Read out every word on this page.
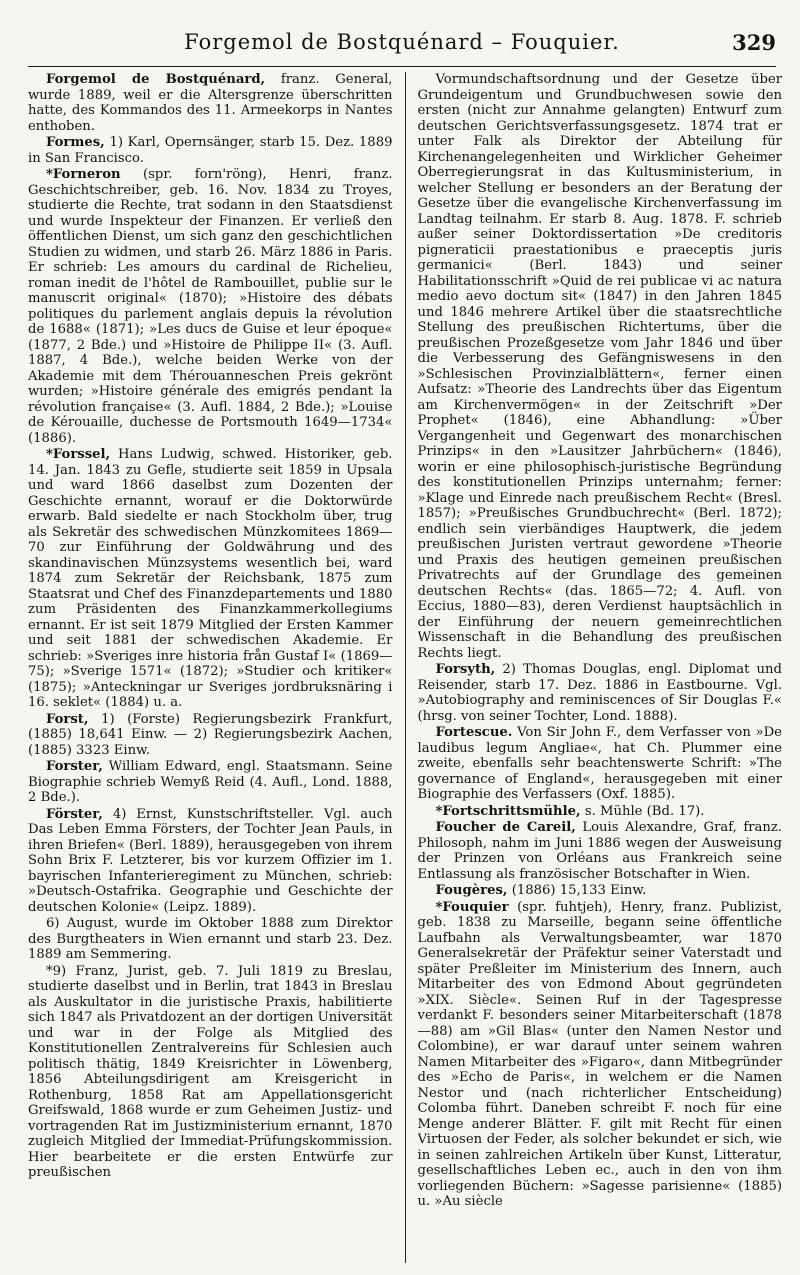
Forgemol de Bostquénard – Fouquier.	329

Forgemol de Bostquénard, franz. General, wurde 1889, weil er die Altersgrenze überschritten hatte, des Kommandos des 11. Armeekorps in Nantes enthoben.

Formes, 1) Karl, Opernsänger, starb 15. Dez. 1889 in San Francisco.

*Forneron (spr. forn'röng), Henri, franz. Geschichtschreiber, geb. 16. Nov. 1834 zu Troyes, studierte die Rechte, trat sodann in den Staatsdienst und wurde Inspekteur der Finanzen. Er verließ den öffentlichen Dienst, um sich ganz den geschichtlichen Studien zu widmen, und starb 26. März 1886 in Paris. Er schrieb: Les amours du cardinal de Richelieu, roman inedit de l'hôtel de Rambouillet, publie sur le manuscrit original« (1870); »Histoire des débats politiques du parlement anglais depuis la révolution de 1688« (1871); »Les ducs de Guise et leur époque« (1877, 2 Bde.) und »Histoire de Philippe II« (3. Aufl. 1887, 4 Bde.), welche beiden Werke von der Akademie mit dem Thérouanneschen Preis gekrönt wurden; »Histoire générale des emigrés pendant la révolution française« (3. Aufl. 1884, 2 Bde.); »Louise de Kérouaille, duchesse de Portsmouth 1649—1734« (1886).

*Forssel, Hans Ludwig, schwed. Historiker, geb. 14. Jan. 1843 zu Gefle, studierte seit 1859 in Upsala und ward 1866 daselbst zum Dozenten der Geschichte ernannt, worauf er die Doktorwürde erwarb. Bald siedelte er nach Stockholm über, trug als Sekretär des schwedischen Münzkomitees 1869—70 zur Einführung der Goldwährung und des skandinavischen Münzsystems wesentlich bei, ward 1874 zum Sekretär der Reichsbank, 1875 zum Staatsrat und Chef des Finanzdepartements und 1880 zum Präsidenten des Finanzkammerkollegiums ernannt. Er ist seit 1879 Mitglied der Ersten Kammer und seit 1881 der schwedischen Akademie. Er schrieb: »Sveriges inre historia från Gustaf I« (1869—75); »Sverige 1571« (1872); »Studier och kritiker« (1875); »Anteckningar ur Sveriges jordbruksnäring i 16. seklet« (1884) u. a.

Forst, 1) (Forste) Regierungsbezirk Frankfurt, (1885) 18,641 Einw. — 2) Regierungsbezirk Aachen, (1885) 3323 Einw.

Forster, William Edward, engl. Staatsmann. Seine Biographie schrieb Wemyß Reid (4. Aufl., Lond. 1888, 2 Bde.).

Förster, 4) Ernst, Kunstschriftsteller. Vgl. auch Das Leben Emma Försters, der Tochter Jean Pauls, in ihren Briefen« (Berl. 1889), herausgegeben von ihrem Sohn Brix F. Letzterer, bis vor kurzem Offizier im 1. bayrischen Infanterieregiment zu München, schrieb: »Deutsch-Ostafrika. Geographie und Geschichte der deutschen Kolonie« (Leipz. 1889).

6) August, wurde im Oktober 1888 zum Direktor des Burgtheaters in Wien ernannt und starb 23. Dez. 1889 am Semmering.

*9) Franz, Jurist, geb. 7. Juli 1819 zu Breslau, studierte daselbst und in Berlin, trat 1843 in Breslau als Auskultator in die juristische Praxis, habilitierte sich 1847 als Privatdozent an der dortigen Universität und war in der Folge als Mitglied des Konstitutionellen Zentralvereins für Schlesien auch politisch thätig, 1849 Kreisrichter in Löwenberg, 1856 Abteilungsdirigent am Kreisgericht in Rothenburg, 1858 Rat am Appellationsgericht Greifswald, 1868 wurde er zum Geheimen Justiz- und vortragenden Rat im Justizministerium ernannt, 1870 zugleich Mitglied der Immediat-Prüfungskommission. Hier bearbeitete er die ersten Entwürfe zur preußischen

Vormundschaftsordnung und der Gesetze über Grundeigentum und Grundbuchwesen sowie den ersten (nicht zur Annahme gelangten) Entwurf zum deutschen Gerichtsverfassungsgesetz. 1874 trat er unter Falk als Direktor der Abteilung für Kirchenangelegenheiten und Wirklicher Geheimer Oberregierungsrat in das Kultusministerium, in welcher Stellung er besonders an der Beratung der Gesetze über die evangelische Kirchenverfassung im Landtag teilnahm. Er starb 8. Aug. 1878. F. schrieb außer seiner Doktordissertation »De creditoris pigneraticii praestationibus e praeceptis juris germanici« (Berl. 1843) und seiner Habilitationsschrift »Quid de rei publicae vi ac natura medio aevo doctum sit« (1847) in den Jahren 1845 und 1846 mehrere Artikel über die staatsrechtliche Stellung des preußischen Richtertums, über die preußischen Prozeßgesetze vom Jahr 1846 und über die Verbesserung des Gefängniswesens in den »Schlesischen Provinzialblättern«, ferner einen Aufsatz: »Theorie des Landrechts über das Eigentum am Kirchenvermögen« in der Zeitschrift »Der Prophet« (1846), eine Abhandlung: »Über Vergangenheit und Gegenwart des monarchischen Prinzips« in den »Lausitzer Jahrbüchern« (1846), worin er eine philosophisch-juristische Begründung des konstitutionellen Prinzips unternahm; ferner: »Klage und Einrede nach preußischem Recht« (Bresl. 1857); »Preußisches Grundbuchrecht« (Berl. 1872); endlich sein vierbändiges Hauptwerk, die jedem preußischen Juristen vertraut gewordene »Theorie und Praxis des heutigen gemeinen preußischen Privatrechts auf der Grundlage des gemeinen deutschen Rechts« (das. 1865—72; 4. Aufl. von Eccius, 1880—83), deren Verdienst hauptsächlich in der Einführung der neuern gemeinrechtlichen Wissenschaft in die Behandlung des preußischen Rechts liegt.

Forsyth, 2) Thomas Douglas, engl. Diplomat und Reisender, starb 17. Dez. 1886 in Eastbourne. Vgl. »Autobiography and reminiscences of Sir Douglas F.« (hrsg. von seiner Tochter, Lond. 1888).

Fortescue. Von Sir John F., dem Verfasser von »De laudibus legum Angliae«, hat Ch. Plummer eine zweite, ebenfalls sehr beachtenswerte Schrift: »The governance of England«, herausgegeben mit einer Biographie des Verfassers (Oxf. 1885).

*Fortschrittsmühle, s. Mühle (Bd. 17).

Foucher de Careil, Louis Alexandre, Graf, franz. Philosoph, nahm im Juni 1886 wegen der Ausweisung der Prinzen von Orléans aus Frankreich seine Entlassung als französischer Botschafter in Wien.

Fougères, (1886) 15,133 Einw.

*Fouquier (spr. fuhtjeh), Henry, franz. Publizist, geb. 1838 zu Marseille, begann seine öffentliche Laufbahn als Verwaltungsbeamter, war 1870 Generalsekretär der Präfektur seiner Vaterstadt und später Preßleiter im Ministerium des Innern, auch Mitarbeiter des von Edmond About gegründeten »XIX. Siècle«. Seinen Ruf in der Tagespresse verdankt F. besonders seiner Mitarbeiterschaft (1878—88) am »Gil Blas« (unter den Namen Nestor und Colombine), er war darauf unter seinem wahren Namen Mitarbeiter des »Figaro«, dann Mitbegründer des »Echo de Paris«, in welchem er die Namen Nestor und (nach richterlicher Entscheidung) Colomba führt. Daneben schreibt F. noch für eine Menge anderer Blätter. F. gilt mit Recht für einen Virtuosen der Feder, als solcher bekundet er sich, wie in seinen zahlreichen Artikeln über Kunst, Litteratur, gesellschaftliches Leben ec., auch in den von ihm vorliegenden Büchern: »Sagesse parisienne« (1885) u. »Au siècle
